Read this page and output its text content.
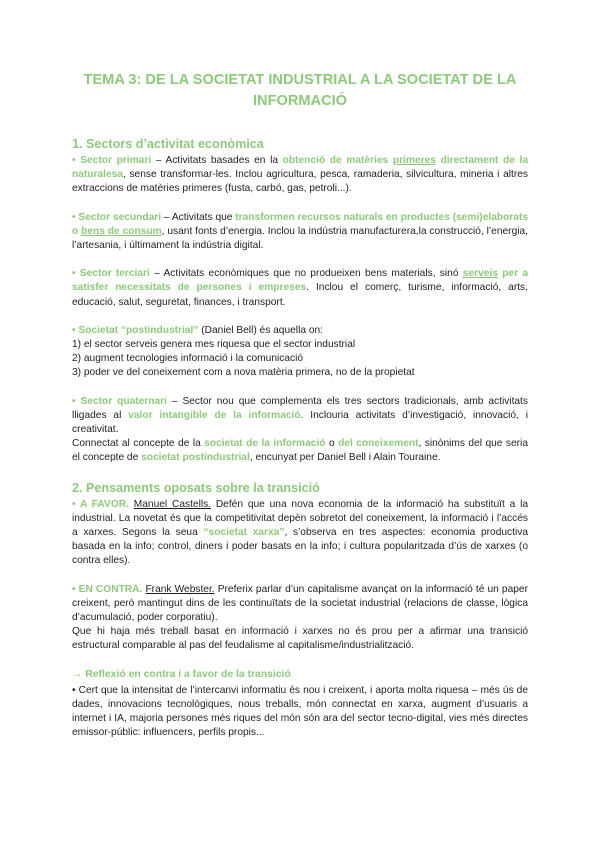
TEMA 3: DE LA SOCIETAT INDUSTRIAL A LA SOCIETAT DE LA INFORMACIÓ
1. Sectors d’activitat econòmica

• Sector primari – Activitats basades en la obtenció de matèries primeres directament de la naturalesa, sense transformar-les. Inclou agricultura, pesca, ramaderia, silvicultura, mineria i altres extraccions de matèries primeres (fusta, carbó, gas, petroli...).

• Sector secundari – Activitats que transformen recursos naturals en productes (semi)elaborats o bens de consum, usant fonts d’energia. Inclou la indústria manufacturera,la construcció, l’energia, l’artesania, i últimament la indústria digital.

• Sector terciari – Activitats econòmiques que no produeixen bens materials, sinó serveis per a satisfer necessitats de persones i empreses. Inclou el comerç, turisme, informació, arts, educació, salut, seguretat, finances, i transport.

• Societat “postindustrial” (Daniel Bell) és aquella on:

1) el sector serveis genera mes riquesa que el sector industrial

2) augment tecnologies informació i la comunicació

3) poder ve del coneixement com a nova matèria primera, no de la propietat

• Sector quaternari – Sector nou que complementa els tres sectors tradicionals, amb activitats lligades al valor intangible de la informació. Inclouria activitats d’investigació, innovació, i creativitat.

Connectat al concepte de la societat de la informació o del coneixement, sinònims del que seria el concepte de societat postindustrial, encunyat per Daniel Bell i Alain Touraine.

2. Pensaments oposats sobre la transició

• A FAVOR. Manuel Castells. Defén que una nova economia de la informació ha substituït a la industrial. La novetat és que la competitivitat depèn sobretot del coneixement, la informació i l’accés a xarxes. Segons la seua “societat xarxa”, s’observa en tres aspectes: economia productiva basada en la info; control, diners i poder basats en la info; i cultura popularitzada d’ús de xarxes (o contra elles).

• EN CONTRA. Frank Webster. Preferix parlar d’un capitalisme avançat on la informació té un paper creixent, però mantingut dins de les continuïtats de la societat industrial (relacions de classe, lògica d’acumulació, poder corporatiu).

Que hi haja més treball basat en informació i xarxes no és prou per a afirmar una transició estructural comparable al pas del feudalisme al capitalisme/industrialització.

→ Reflexió en contra i a favor de la transició

• Cert que la intensitat de l’intercanvi informatiu és nou i creixent, i aporta molta riquesa – més ús de dades, innovacions tecnològiques, nous treballs, món connectat en xarxa, augment d’usuaris a internet i IA, majoria persones més riques del món són ara del sector tecno-digital, vies més directes emissor-públic: influencers, perfils propis...
